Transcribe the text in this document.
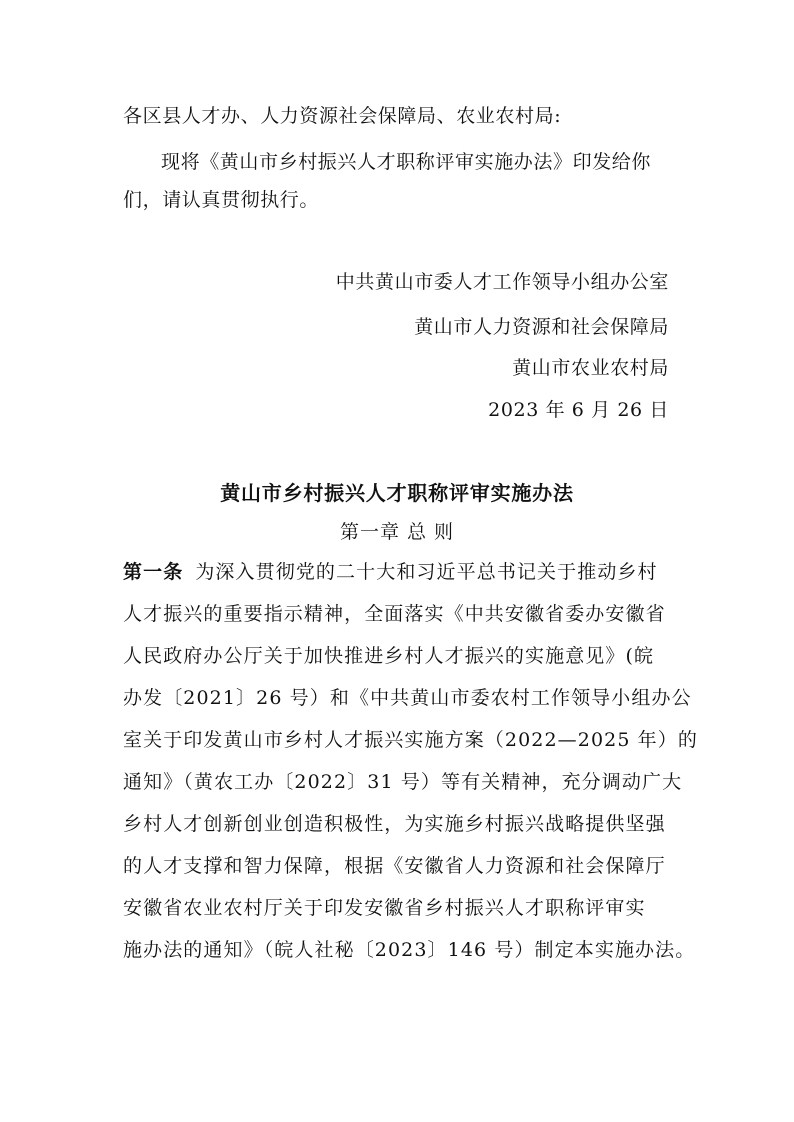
各区县人才办、人力资源社会保障局、农业农村局:
现将《黄山市乡村振兴人才职称评审实施办法》印发给你
们，请认真贯彻执行。
中共黄山市委人才工作领导小组办公室
黄山市人力资源和社会保障局
黄山市农业农村局
2023 年 6 月 26 日
黄山市乡村振兴人才职称评审实施办法
第一章 总 则
第一条 为深入贯彻党的二十大和习近平总书记关于推动乡村
人才振兴的重要指示精神，全面落实《中共安徽省委办安徽省
人民政府办公厅关于加快推进乡村人才振兴的实施意见》(皖
办发〔2021〕26 号）和《中共黄山市委农村工作领导小组办公
室关于印发黄山市乡村人才振兴实施方案（2022—2025 年）的
通知》（黄农工办〔2022〕31 号）等有关精神，充分调动广大
乡村人才创新创业创造积极性，为实施乡村振兴战略提供坚强
的人才支撑和智力保障，根据《安徽省人力资源和社会保障厅
安徽省农业农村厅关于印发安徽省乡村振兴人才职称评审实
施办法的通知》（皖人社秘〔2023〕146 号）制定本实施办法。
